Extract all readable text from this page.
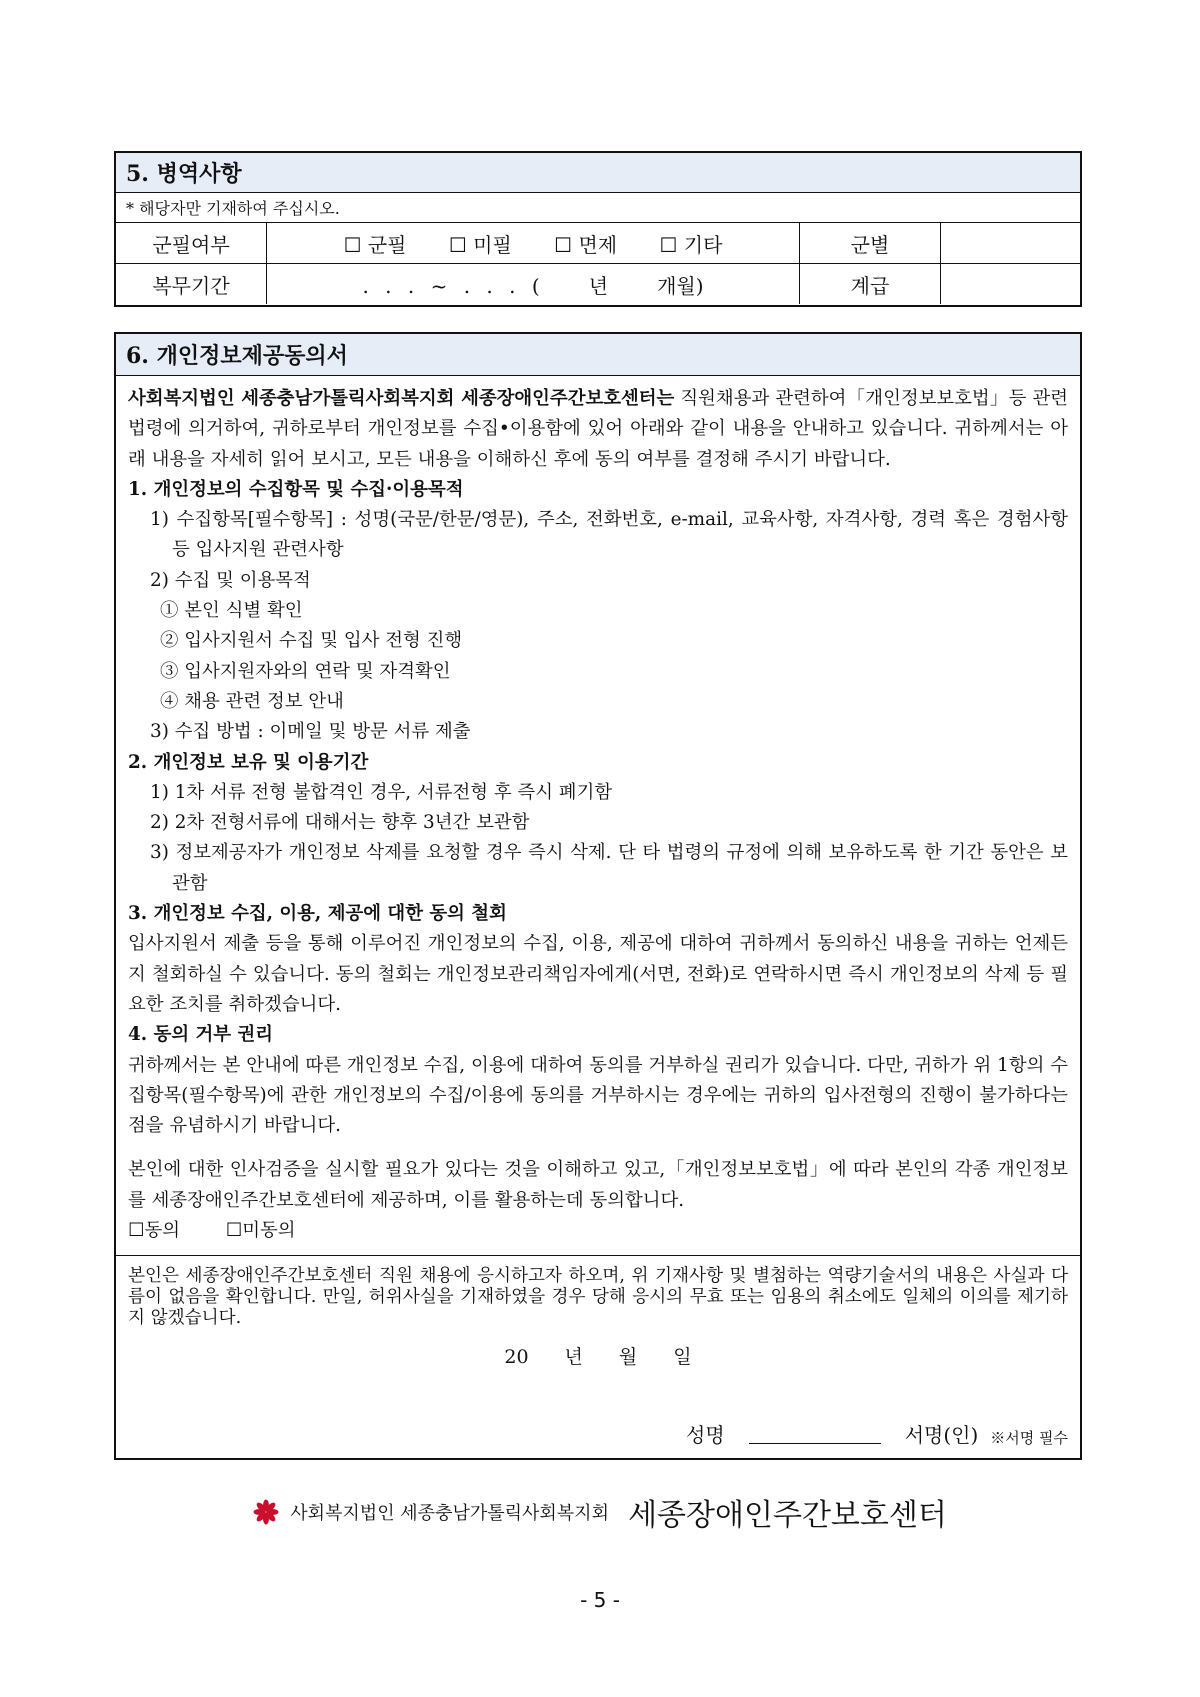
5. 병역사항
* 해당자만 기재하여 주십시오.
군필여부	☐ 군필 ☐ 미필 ☐ 면제 ☐ 기타	군별	
복무기간	. . . ~ . . . (   년   개월)	계급	
6. 개인정보제공동의서

사회복지법인 세종충남가톨릭사회복지회 세종장애인주간보호센터는 직원채용과 관련하여「개인정보보호법」등 관련 법령에 의거하여, 귀하로부터 개인정보를 수집•이용함에 있어 아래와 같이 내용을 안내하고 있습니다. 귀하께서는 아래 내용을 자세히 읽어 보시고, 모든 내용을 이해하신 후에 동의 여부를 결정해 주시기 바랍니다.

1. 개인정보의 수집항목 및 수집·이용목적

1) 수집항목[필수항목] : 성명(국문/한문/영문), 주소, 전화번호, e-mail, 교육사항, 자격사항, 경력 혹은 경험사항 등 입사지원 관련사항

2) 수집 및 이용목적

① 본인 식별 확인

② 입사지원서 수집 및 입사 전형 진행

③ 입사지원자와의 연락 및 자격확인

④ 채용 관련 정보 안내

3) 수집 방법 : 이메일 및 방문 서류 제출

2. 개인정보 보유 및 이용기간

1) 1차 서류 전형 불합격인 경우, 서류전형 후 즉시 폐기함

2) 2차 전형서류에 대해서는 향후 3년간 보관함

3) 정보제공자가 개인정보 삭제를 요청할 경우 즉시 삭제. 단 타 법령의 규정에 의해 보유하도록 한 기간 동안은 보관함

3. 개인정보 수집, 이용, 제공에 대한 동의 철회

입사지원서 제출 등을 통해 이루어진 개인정보의 수집, 이용, 제공에 대하여 귀하께서 동의하신 내용을 귀하는 언제든지 철회하실 수 있습니다. 동의 철회는 개인정보관리책임자에게(서면, 전화)로 연락하시면 즉시 개인정보의 삭제 등 필요한 조치를 취하겠습니다.

4. 동의 거부 권리

귀하께서는 본 안내에 따른 개인정보 수집, 이용에 대하여 동의를 거부하실 권리가 있습니다. 다만, 귀하가 위 1항의 수집항목(필수항목)에 관한 개인정보의 수집/이용에 동의를 거부하시는 경우에는 귀하의 입사전형의 진행이 불가하다는 점을 유념하시기 바랍니다.

본인에 대한 인사검증을 실시할 필요가 있다는 것을 이해하고 있고,「개인정보보호법」에 따라 본인의 각종 개인정보를 세종장애인주간보호센터에 제공하며, 이를 활용하는데 동의합니다.

☐동의 ☐미동의

본인은 세종장애인주간보호센터 직원 채용에 응시하고자 하오며, 위 기재사항 및 별첨하는 역량기술서의 내용은 사실과 다름이 없음을 확인합니다. 만일, 허위사실을 기재하였을 경우 당해 응시의 무효 또는 임용의 취소에도 일체의 이의를 제기하지 않겠습니다.

20 년 월 일
성명	서명(인) ※서명 필수
사회복지법인 세종충남가톨릭사회복지회 세종장애인주간보호센터
- 5 -
